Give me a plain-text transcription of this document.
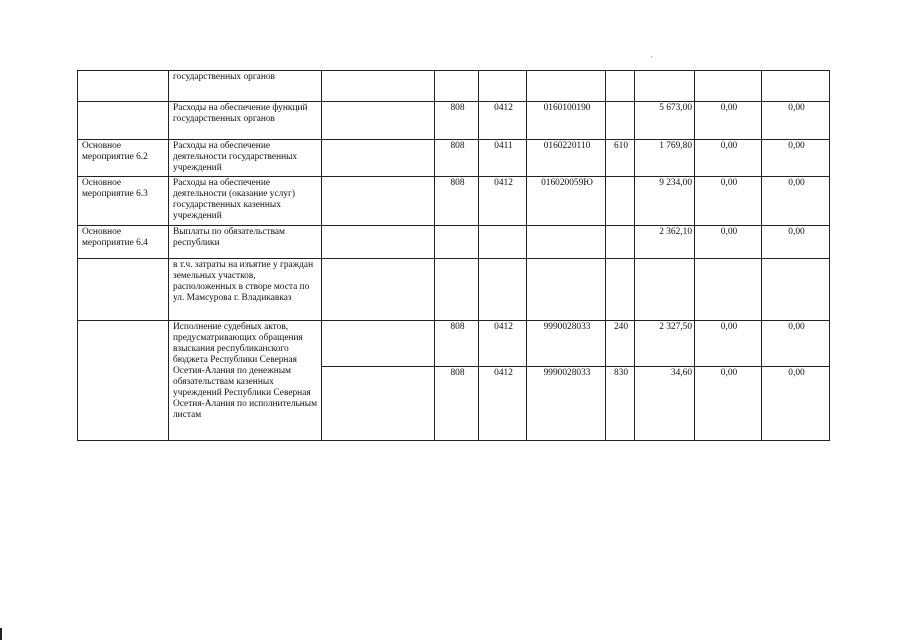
	государственных органов								
	Расходы на обеспечение функций государственных органов		808	0412	0160100190		5 673,00	0,00	0,00
Основное мероприятие 6.2	Расходы на обеспечение деятельности государственных учреждений		808	0411	0160220110	610	1 769,80	0,00	0,00
Основное мероприятие 6.3	Расходы на обеспечение деятельности (оказание услуг) государственных казенных учреждений		808	0412	016020059Ю		9 234,00	0,00	0,00
Основное мероприятие 6.4	Выплаты по обязательствам республики						2 362,10	0,00	0,00
	в т.ч. затраты на изъятие у граждан земельных участков, расположенных в створе моста по ул. Мамсурова г. Владикавказ								
	Исполнение судебных актов, предусматривающих обращения взыскания республиканского бюджета Республики Северная Осетия-Алания по денежным обязательствам казенных учреждений Республики Северная Осетия-Алания по исполнительным листам		808	0412	9990028033	240	2 327,50	0,00	0,00
			808	0412	9990028033	830	34,60	0,00	0,00
